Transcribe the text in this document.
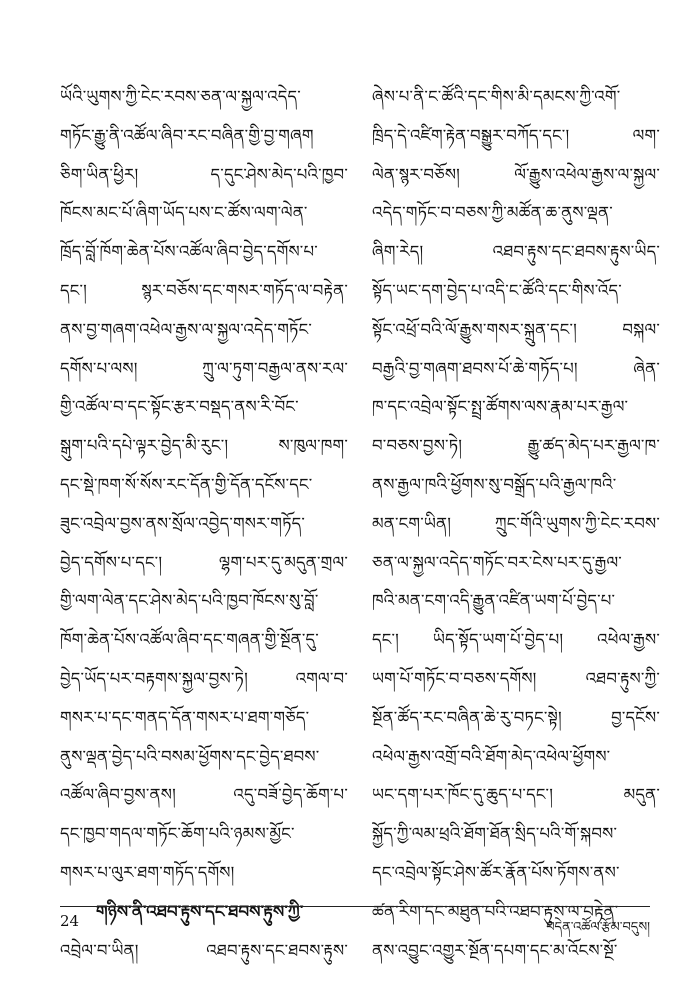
ཡོའི་ཡུགས་ཀྱི་ངེང་རབས་ཅན་ལ་སྐྱལ་འདེད་
གཏོང་རྒྱུ་ནི་འཚོལ་ཞིབ་རང་བཞིན་གྱི་བྱ་གཞག
ཅིག་ཡིན་ཕྱིར། ད་དུང་ཤེས་མེད་པའི་ཁྱབ་
ཁོངས་མང་པོ་ཞིག་ཡོད་པས་ང་ཚོས་ལག་ལེན་
ཁྲོད་བློ་ཁོག་ཆེན་པོས་འཚོལ་ཞིབ་བྱེད་དགོས་པ་
དང་། སྙར་བཅོས་དང་གསར་གཏོད་ལ་བརྟེན་
ནས་བྱ་གཞག་འཕེལ་རྒྱས་ལ་སྐྱལ་འདེད་གཏོང་
དགོས་པ་ལས། ཀྲུ་ལ་ཏུག་བརྒྱལ་ནས་རལ་
གྱི་འཚོལ་བ་དང་སྟོང་རྩར་བསྡད་ནས་རི་བོང་
སྒུག་པའི་དཔེ་ལྟར་བྱེད་མི་རུང་། ས་ཁུལ་ཁག་
དང་སྡེ་ཁག་སོ་སོས་རང་དོན་གྱི་དོན་དངོས་དང་
ཟུང་འབྲེལ་བྱས་ནས་སྲོལ་འབྱེད་གསར་གཏོད་
བྱེད་དགོས་པ་དང་། ལྷག་པར་དུ་མདུན་གྲལ་
གྱི་ལག་ལེན་དང་ཤེས་མེད་པའི་ཁྱབ་ཁོངས་སུ་བློ་
ཁོག་ཆེན་པོས་འཚོལ་ཞིབ་དང་གཞན་གྱི་སྔོན་དུ་
བྱེད་ཡོད་པར་བརྟགས་སྐྱལ་བྱས་ཏེ། འགལ་བ་
གསར་པ་དང་གནད་དོན་གསར་པ་ཐག་གཅོད་
ནུས་ལྡན་བྱེད་པའི་བསམ་ཕྱོགས་དང་བྱེད་ཐབས་
འཚོལ་ཞིབ་བྱས་ནས། འདུ་བཟོ་བྱེད་ཆོག་པ་
དང་ཁྱབ་གདལ་གཏོང་ཆོག་པའི་ཉམས་མྱོང་
གསར་པ་ལུར་ཐག་གཏོད་དགོས།
གཉིས་ནི་འཐབ་རྟུས་དང་ཐབས་རྟུས་ཀྱི་
འབྲེལ་བ་ཡིན། འཐབ་རྟུས་དང་ཐབས་རྟུས་
ཞེས་པ་ནི་ང་ཚོའི་དང་གིས་མི་དམངས་ཀྱི་འགོ་
ཁྲིད་དེ་འཛིག་རྟེན་བསྒྱུར་བཀོད་དང་། ལག་
ལེན་སྙར་བཅོས། ལོ་རྒྱུས་འཕེལ་རྒྱས་ལ་སྐྱལ་
འདེད་གཏོང་བ་བཅས་ཀྱི་མཚོན་ཆ་ནུས་ལྡན་
ཞིག་རེད། འཐབ་རྟུས་དང་ཐབས་རྟུས་ཡིད་
སྟོད་ཡང་དག་བྱེད་པ་འདི་ང་ཚོའི་དང་གིས་འོད་
སྟོང་འཕྲོ་བའི་ལོ་རྒྱུས་གསར་སྐྲུན་དང་། བསྐལ་
བརྒྱའི་བྱ་གཞག་ཐབས་པོ་ཆེ་གཏོད་པ། ཞེན་
ཁ་དང་འབྲེལ་སྟོང་སྤྲ་ཚོགས་ལས་རྣམ་པར་རྒྱལ་
བ་བཅས་བྱས་ཏེ། རྒྱུ་ཚད་མེད་པར་རྒྱལ་ཁ་
ནས་རྒྱལ་ཁའི་ཕྱོགས་སུ་བསྒྲོད་པའི་རྒྱལ་ཁའི་
མན་ངག་ཡིན། ཀྲུང་གོའི་ཡུགས་ཀྱི་ངེང་རབས་
ཅན་ལ་སྐྱལ་འདེད་གཏོང་བར་ངེས་པར་དུ་རྒྱལ་
ཁའི་མན་ངག་འདི་རྒྱུན་འཛིན་ཡག་པོ་བྱེད་པ་
དང་། ཡིད་སྟོད་ཡག་པོ་བྱེད་པ། འཕེལ་རྒྱས་
ཡག་པོ་གཏོང་བ་བཅས་དགོས། འཐབ་རྟུས་ཀྱི་
སྔོན་ཚོད་རང་བཞིན་ཆེ་རུ་བཏང་སྟེ། བྱ་དངོས་
འཕེལ་རྒྱས་འགྲོ་བའི་ཐོག་མེད་འཕེལ་ཕྱོགས་
ཡང་དག་པར་ཁོང་དུ་ཆུད་པ་དང་། མདུན་
སྐྱོད་ཀྱི་ལམ་ཕྲའི་ཐོག་ཐོན་སྲིད་པའི་གོ་སྐབས་
དང་འབྲེལ་སྟོང་ཤེས་ཚོར་རྣོན་པོས་ཏོགས་ནས་
ཚན་རིག་དང་མཐུན་པའི་འཐབ་རྟུས་ལ་བརྟེན་
ནས་འབྱུང་འགྱུར་སྔོན་དཔག་དང་མ་འོངས་སྔོ་
24	བདེན་འཚོལ་རྩོམ་བདུས།
